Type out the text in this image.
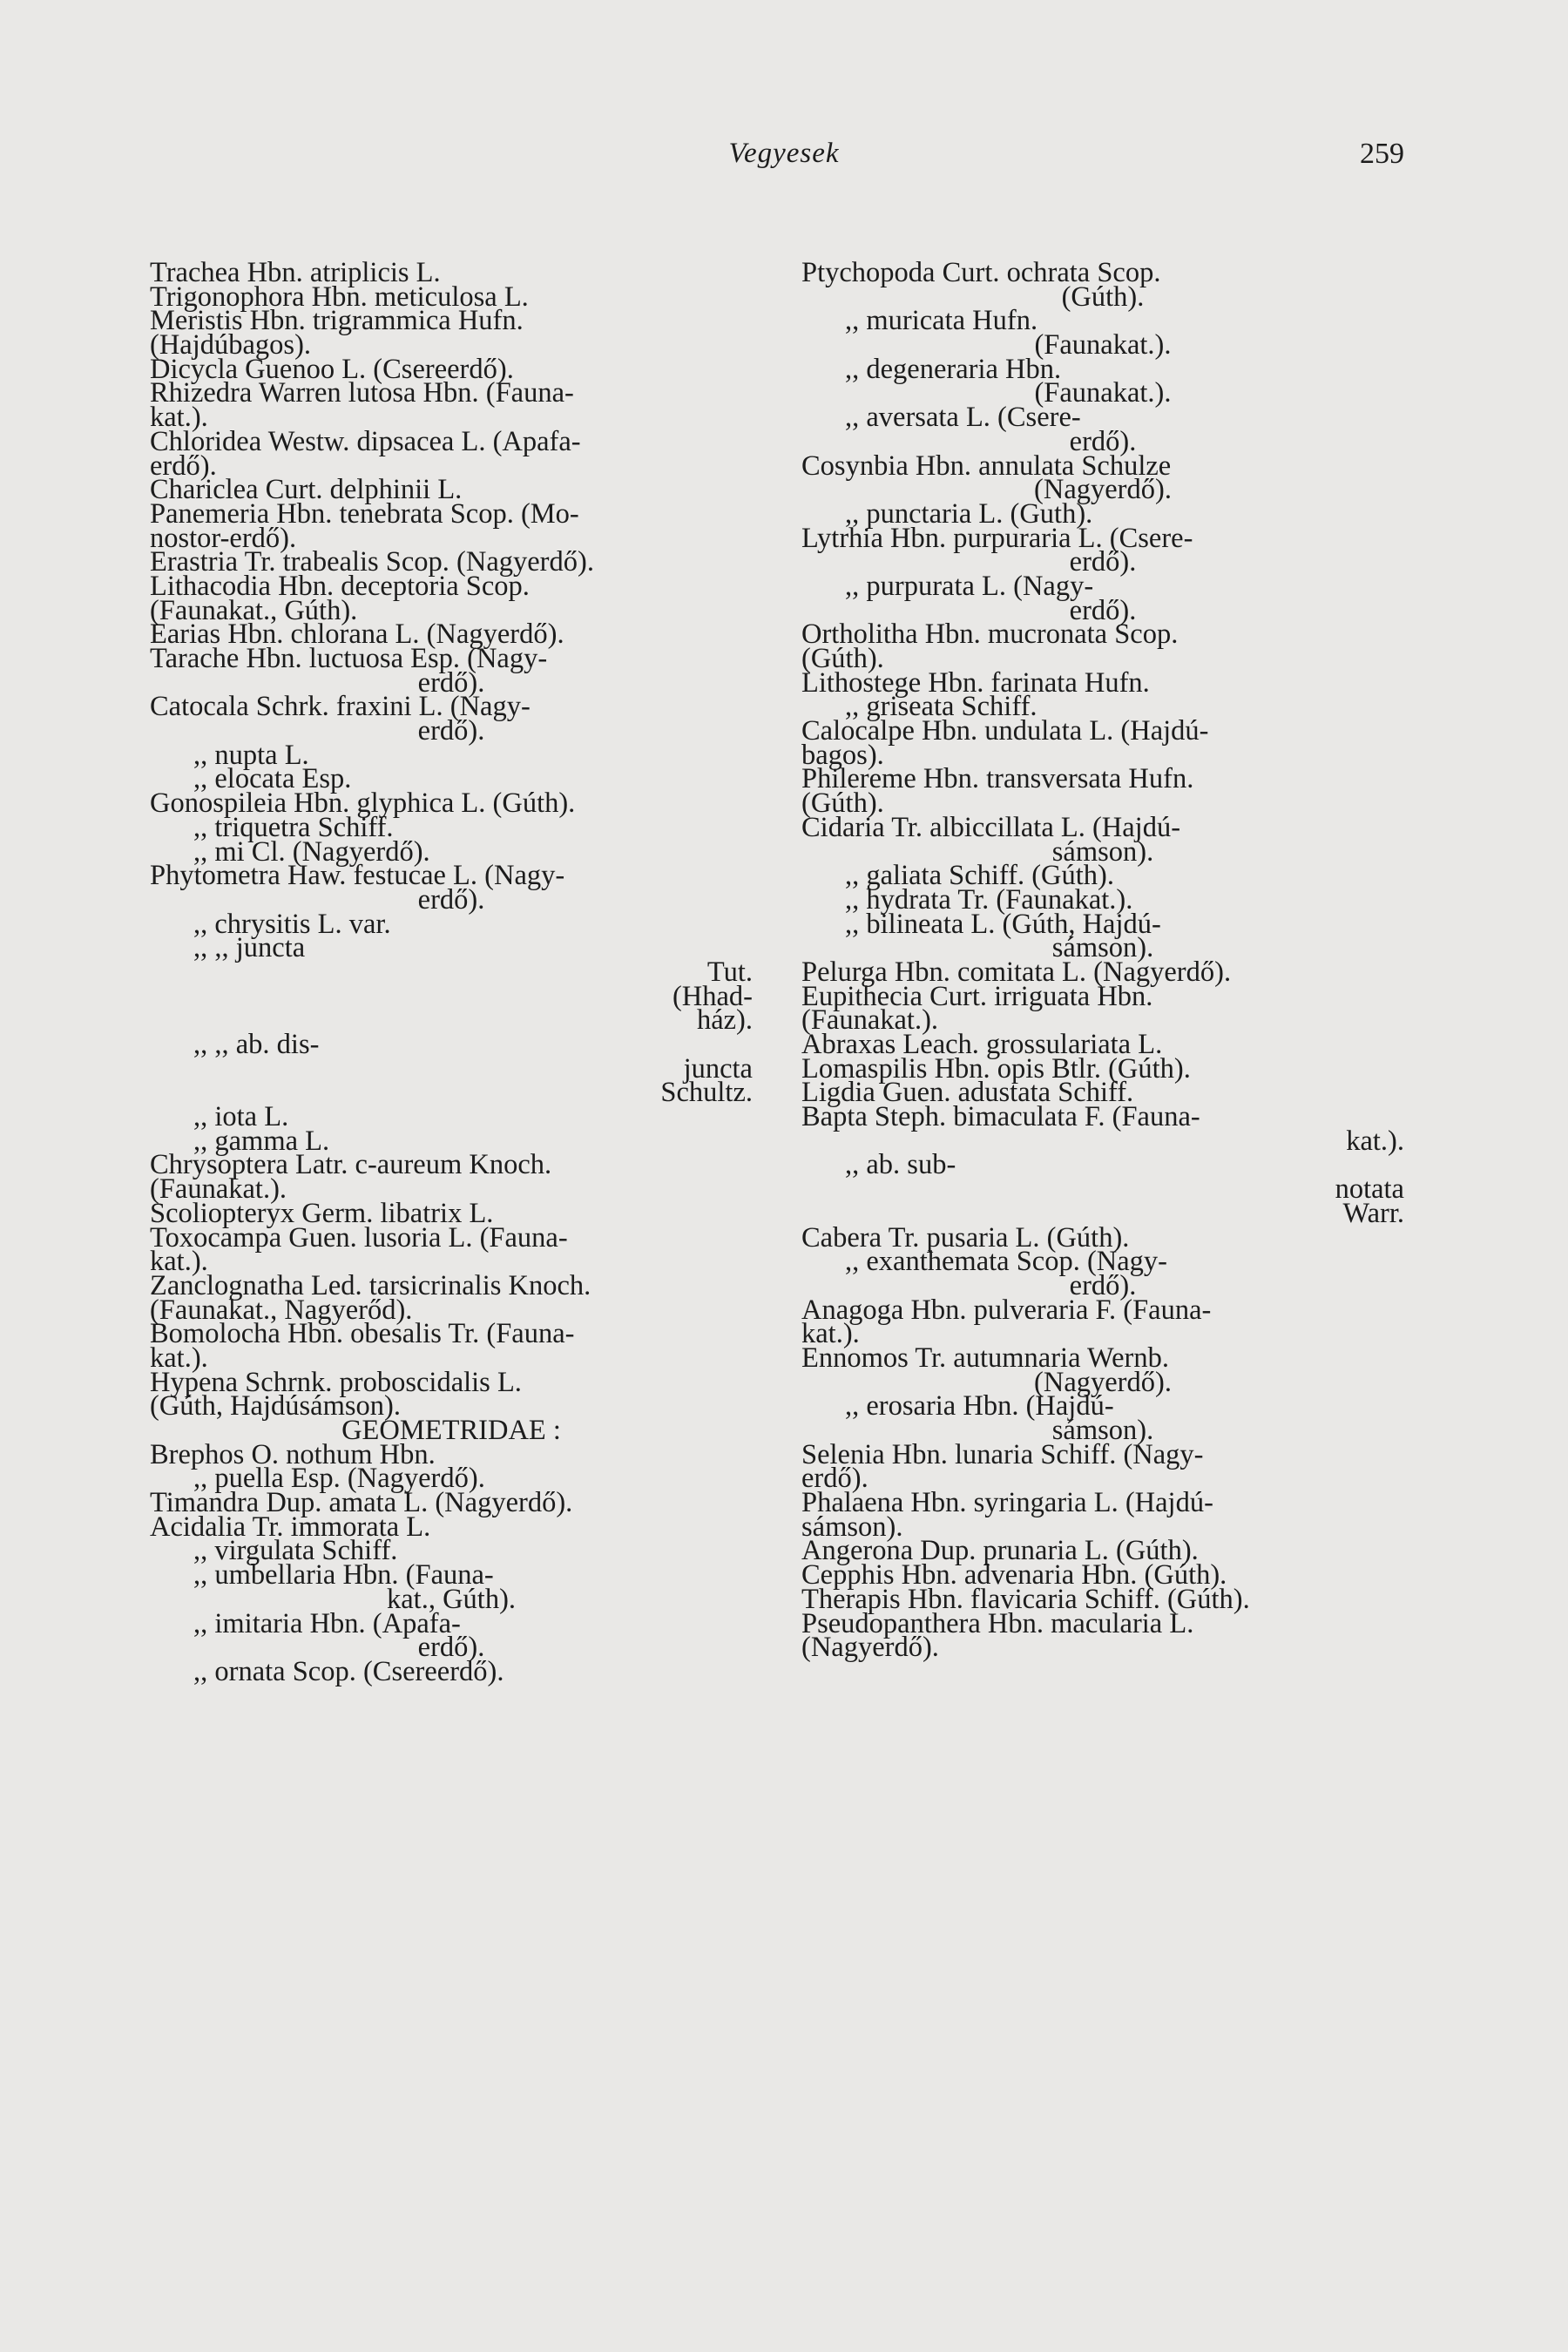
Vegyesek	259
Trachea Hbn. atriplicis L.
Trigonophora Hbn. meticulosa L.
Meristis Hbn. trigrammica Hufn.
(Hajdúbagos).
Dicycla Guenoo L. (Csereerdő).
Rhizedra Warren lutosa Hbn. (Fauna-
kat.).
Chloridea Westw. dipsacea L. (Apafa-
erdő).
Chariclea Curt. delphinii L.
Panemeria Hbn. tenebrata Scop. (Mo-
nostor-erdő).
Erastria Tr. trabealis Scop. (Nagyerdő).
Lithacodia Hbn. deceptoria Scop.
(Faunakat., Gúth).
Earias Hbn. chlorana L. (Nagyerdő).
Tarache Hbn. luctuosa Esp. (Nagy-
erdő).
Catocala Schrk. fraxini L. (Nagy-
erdő).
,, nupta L.
,, elocata Esp.
Gonospileia Hbn. glyphica L. (Gúth).
,, triquetra Schiff.
,, mi Cl. (Nagyerdő).
Phytometra Haw. festucae L. (Nagy-
erdő).
,, chrysitis L. var.
,, ,, juncta
Tut.
(Hhad-
ház).
,, ,, ab. dis-
juncta
Schultz.
,, iota L.
,, gamma L.
Chrysoptera Latr. c-aureum Knoch.
(Faunakat.).
Scoliopteryx Germ. libatrix L.
Toxocampa Guen. lusoria L. (Fauna-
kat.).
Zanclognatha Led. tarsicrinalis Knoch.
(Faunakat., Nagyerőd).
Bomolocha Hbn. obesalis Tr. (Fauna-
kat.).
Hypena Schrnk. proboscidalis L.
(Gúth, Hajdúsámson).
GEOMETRIDAE :
Brephos O. nothum Hbn.
,, puella Esp. (Nagyerdő).
Timandra Dup. amata L. (Nagyerdő).
Acidalia Tr. immorata L.
,, virgulata Schiff.
,, umbellaria Hbn. (Fauna-
kat., Gúth).
,, imitaria Hbn. (Apafa-
erdő).
,, ornata Scop. (Csereerdő).
Ptychopoda Curt. ochrata Scop.
(Gúth).
,, muricata Hufn.
(Faunakat.).
,, degeneraria Hbn.
(Faunakat.).
,, aversata L. (Csere-
erdő).
Cosynbia Hbn. annulata Schulze
(Nagyerdő).
,, punctaria L. (Guth).
Lytrhia Hbn. purpuraria L. (Csere-
erdő).
,, purpurata L. (Nagy-
erdő).
Ortholitha Hbn. mucronata Scop.
(Gúth).
Lithostege Hbn. farinata Hufn.
,, griseata Schiff.
Calocalpe Hbn. undulata L. (Hajdú-
bagos).
Philereme Hbn. transversata Hufn.
(Gúth).
Cidaria Tr. albiccillata L. (Hajdú-
sámson).
,, galiata Schiff. (Gúth).
,, hydrata Tr. (Faunakat.).
,, bilineata L. (Gúth, Hajdú-
sámson).
Pelurga Hbn. comitata L. (Nagyerdő).
Eupithecia Curt. irriguata Hbn.
(Faunakat.).
Abraxas Leach. grossulariata L.
Lomaspilis Hbn. opis Btlr. (Gúth).
Ligdia Guen. adustata Schiff.
Bapta Steph. bimaculata F. (Fauna-
kat.).
,, ab. sub-
notata
Warr.
Cabera Tr. pusaria L. (Gúth).
,, exanthemata Scop. (Nagy-
erdő).
Anagoga Hbn. pulveraria F. (Fauna-
kat.).
Ennomos Tr. autumnaria Wernb.
(Nagyerdő).
,, erosaria Hbn. (Hajdú-
sámson).
Selenia Hbn. lunaria Schiff. (Nagy-
erdő).
Phalaena Hbn. syringaria L. (Hajdú-
sámson).
Angerona Dup. prunaria L. (Gúth).
Cepphis Hbn. advenaria Hbn. (Gúth).
Therapis Hbn. flavicaria Schiff. (Gúth).
Pseudopanthera Hbn. macularia L.
(Nagyerdő).
